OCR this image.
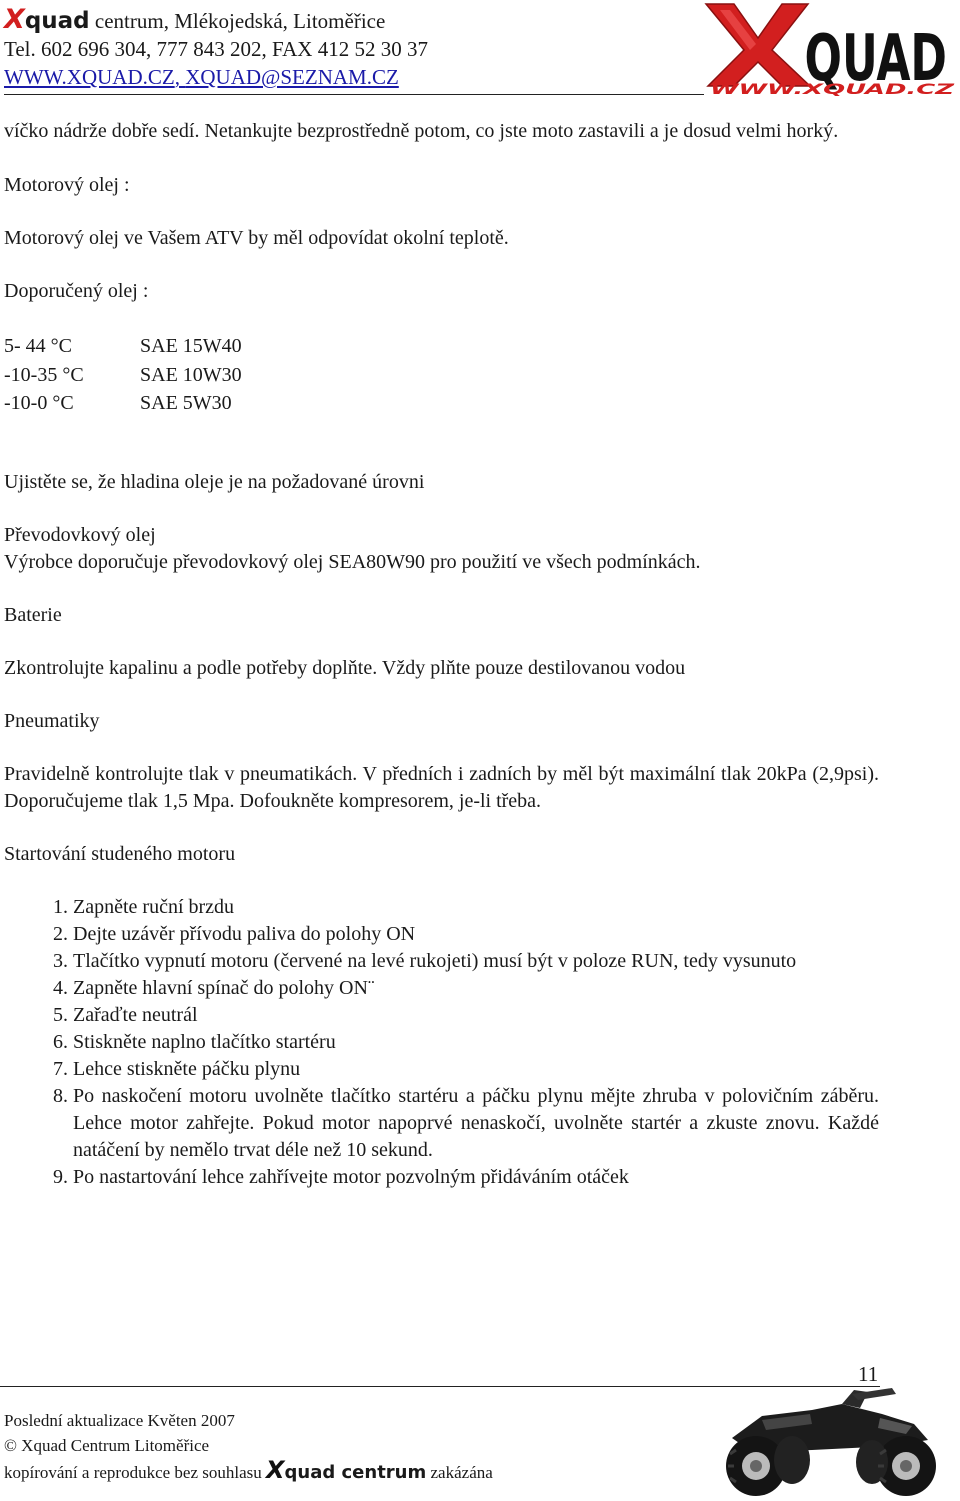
Xquad centrum, Mlékojedská, Litoměřice
Tel. 602 696 304, 777 843 202, FAX 412 52 30 37
WWW.XQUAD.CZ, XQUAD@SEZNAM.CZ	QUAD
WWW.XQUAD.CZ

víčko nádrže dobře sedí. Netankujte bezprostředně potom, co jste moto zastavili a je dosud velmi horký.

Motorový olej :

Motorový olej ve Vašem ATV by měl odpovídat okolní teplotě.

Doporučený olej :

5- 44 °C	SAE 15W40
-10-35 °C	SAE 10W30
-10-0 °C	SAE 5W30

Ujistěte se, že hladina oleje je na požadované úrovni

Převodovkový olej

Výrobce doporučuje převodovkový olej SEA80W90 pro použití ve všech podmínkách.

Baterie

Zkontrolujte kapalinu a podle potřeby doplňte. Vždy plňte pouze destilovanou vodou

Pneumatiky

Pravidelně kontrolujte tlak v pneumatikách. V předních i zadních by měl být maximální tlak 20kPa (2,9psi). Doporučujeme tlak 1,5 Mpa. Dofoukněte kompresorem, je-li třeba.

Startování studeného motoru

1. Zapněte ruční brzdu
2. Dejte uzávěr přívodu paliva do polohy ON
3. Tlačítko vypnutí motoru (červené na levé rukojeti) musí být v poloze RUN, tedy vysunuto
4. Zapněte hlavní spínač do polohy ON¨
5. Zařaďte neutrál
6. Stiskněte naplno tlačítko startéru
7. Lehce stiskněte páčku plynu
8. Po naskočení motoru uvolněte tlačítko startéru a páčku plynu mějte zhruba v polovičním záběru. Lehce motor zahřejte. Pokud motor napoprvé nenaskočí, uvolněte startér a zkuste znovu. Každé natáčení by nemělo trvat déle než 10 sekund.
9. Po nastartování lehce zahřívejte motor pozvolným přidáváním otáček
11
Poslední aktualizace Květen 2007
© Xquad Centrum Litoměřice
kopírování a reprodukce bez souhlasu Xquad centrum zakázána
